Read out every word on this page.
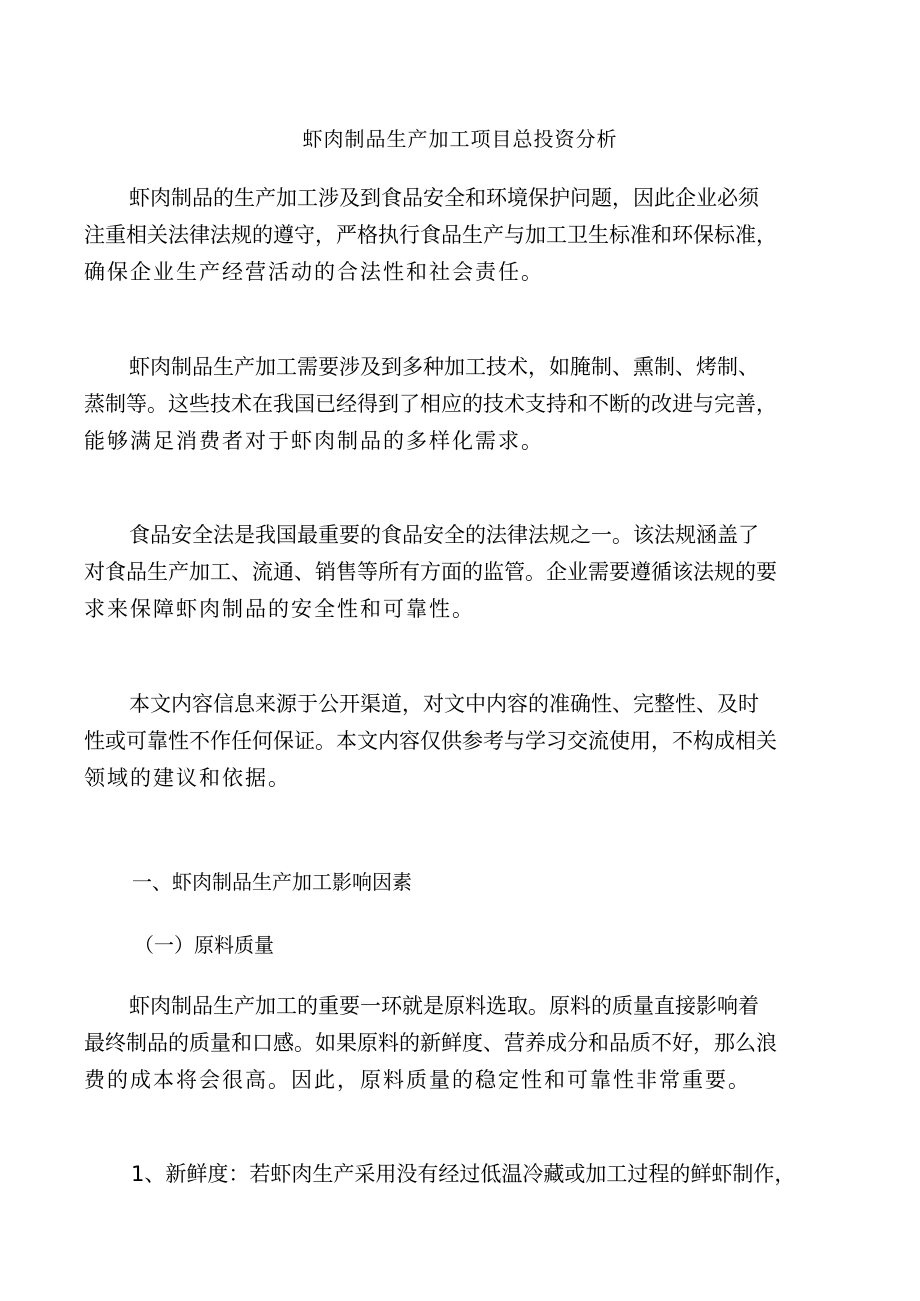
虾肉制品生产加工项目总投资分析
虾肉制品的生产加工涉及到食品安全和环境保护问题，因此企业必须
注重相关法律法规的遵守，严格执行食品生产与加工卫生标准和环保标准，
确保企业生产经营活动的合法性和社会责任。
虾肉制品生产加工需要涉及到多种加工技术，如腌制、熏制、烤制、
蒸制等。这些技术在我国已经得到了相应的技术支持和不断的改进与完善，
能够满足消费者对于虾肉制品的多样化需求。
食品安全法是我国最重要的食品安全的法律法规之一。该法规涵盖了
对食品生产加工、流通、销售等所有方面的监管。企业需要遵循该法规的要
求来保障虾肉制品的安全性和可靠性。
本文内容信息来源于公开渠道，对文中内容的准确性、完整性、及时
性或可靠性不作任何保证。本文内容仅供参考与学习交流使用，不构成相关
领域的建议和依据。
一、虾肉制品生产加工影响因素
（一）原料质量
虾肉制品生产加工的重要一环就是原料选取。原料的质量直接影响着
最终制品的质量和口感。如果原料的新鲜度、营养成分和品质不好，那么浪
费的成本将会很高。因此，原料质量的稳定性和可靠性非常重要。
1、新鲜度：若虾肉生产采用没有经过低温冷藏或加工过程的鲜虾制作，
